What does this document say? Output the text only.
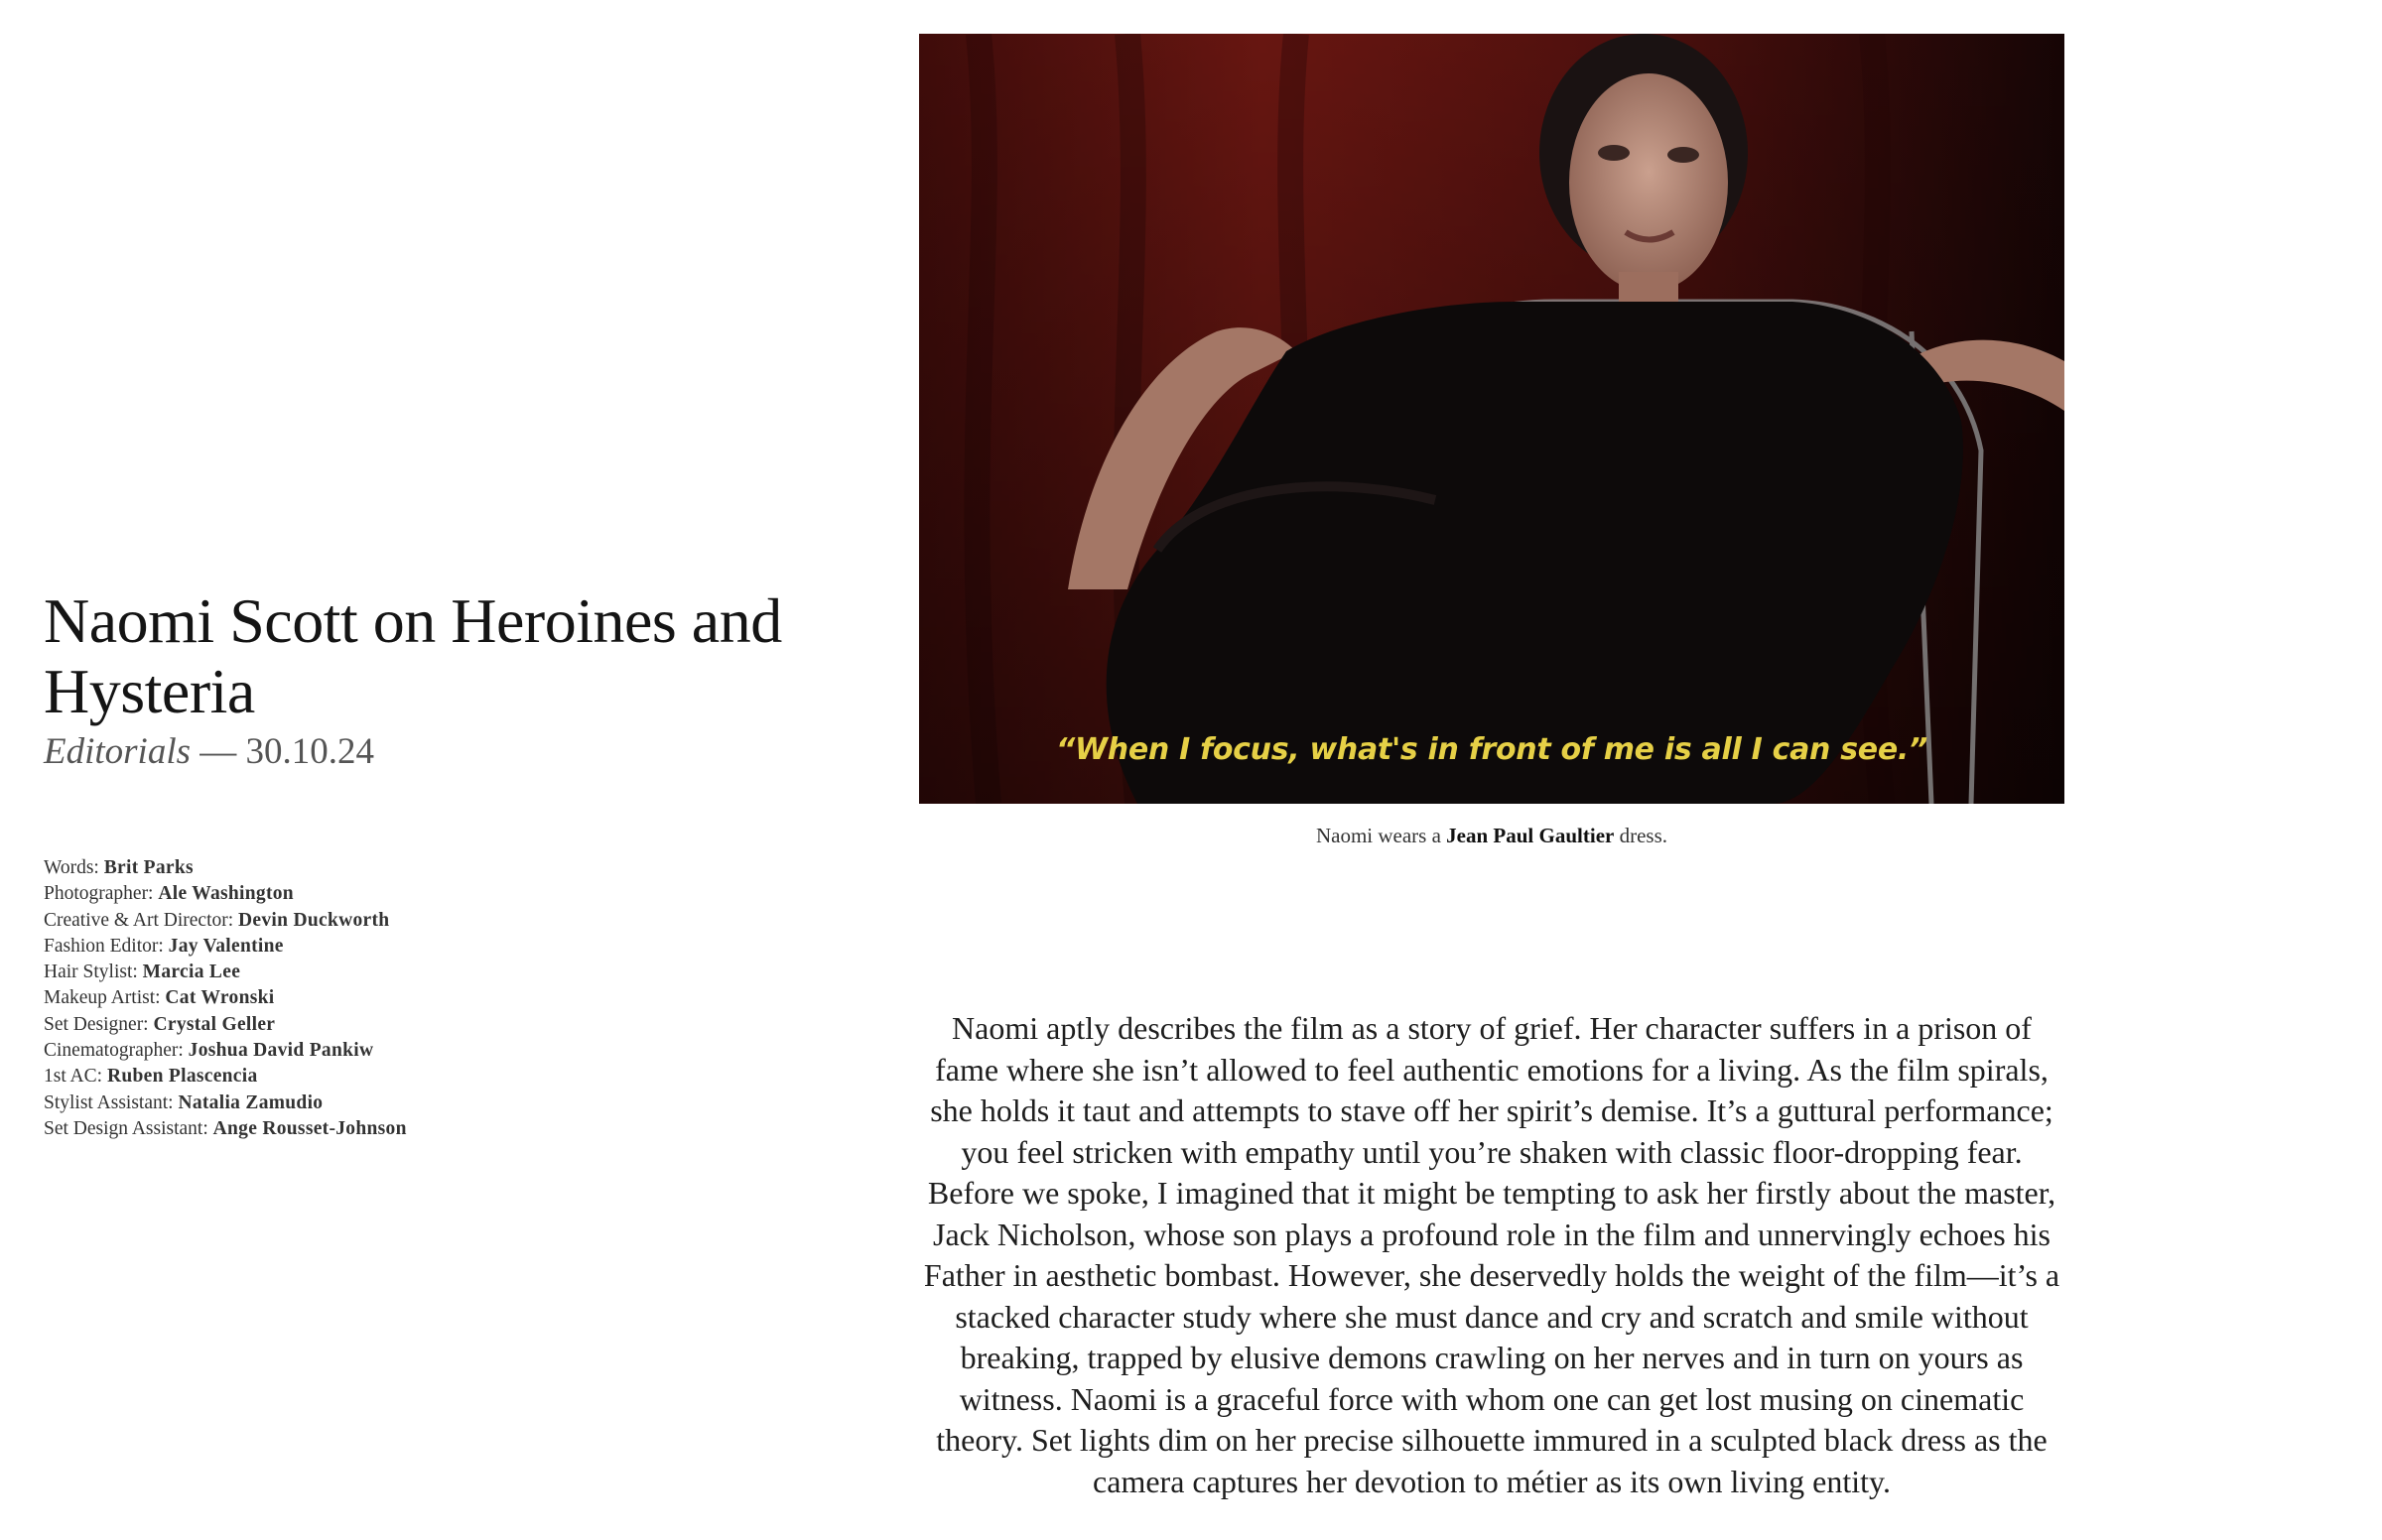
Naomi Scott on Heroines and Hysteria
Editorials — 30.10.24
Words: Brit Parks
Photographer: Ale Washington
Creative & Art Director: Devin Duckworth
Fashion Editor: Jay Valentine
Hair Stylist: Marcia Lee
Makeup Artist: Cat Wronski
Set Designer: Crystal Geller
Cinematographer: Joshua David Pankiw
1st AC: Ruben Plascencia
Stylist Assistant: Natalia Zamudio
Set Design Assistant: Ange Rousset-Johnson
“When I focus, what's in front of me is all I can see.”
Naomi wears a Jean Paul Gaultier dress.

Naomi aptly describes the film as a story of grief. Her character suffers in a prison of fame where she isn’t allowed to feel authentic emotions for a living. As the film spirals, she holds it taut and attempts to stave off her spirit’s demise. It’s a guttural performance; you feel stricken with empathy until you’re shaken with classic floor-dropping fear. Before we spoke, I imagined that it might be tempting to ask her firstly about the master, Jack Nicholson, whose son plays a profound role in the film and unnervingly echoes his Father in aesthetic bombast. However, she deservedly holds the weight of the film—it’s a stacked character study where she must dance and cry and scratch and smile without breaking, trapped by elusive demons crawling on her nerves and in turn on yours as witness. Naomi is a graceful force with whom one can get lost musing on cinematic theory. Set lights dim on her precise silhouette immured in a sculpted black dress as the camera captures her devotion to métier as its own living entity.
